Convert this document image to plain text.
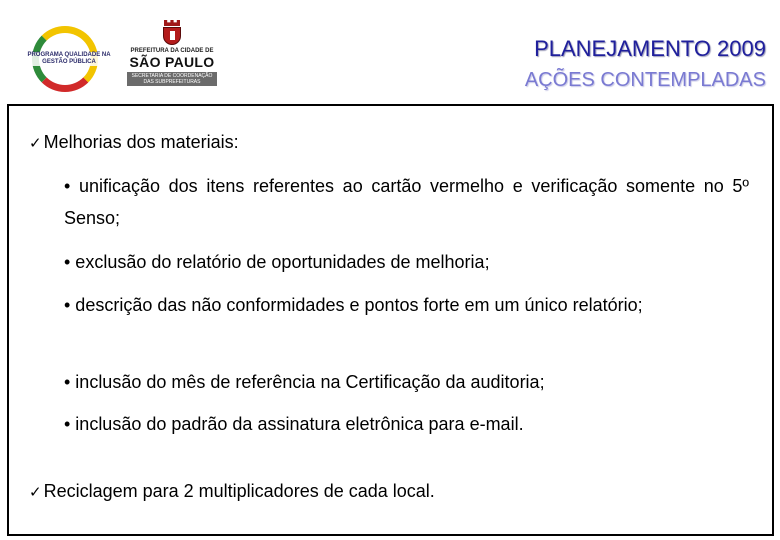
PROGRAMA QUALIDADE NA GESTÃO PÚBLICA
PREFEITURA DA CIDADE DE
SÃO PAULO
SECRETARIA DE COORDENAÇÃO DAS SUBPREFEITURAS
PLANEJAMENTO 2009
AÇÕES CONTEMPLADAS
✓ Melhorias dos materiais:
• unificação dos itens referentes ao cartão vermelho e verificação somente no 5º Senso;
• exclusão do relatório de oportunidades de melhoria;
• descrição das não conformidades e pontos forte em um único relatório;
• inclusão do mês de referência na Certificação da auditoria;
• inclusão do padrão da assinatura eletrônica para e-mail.
✓ Reciclagem para 2 multiplicadores de cada local.
